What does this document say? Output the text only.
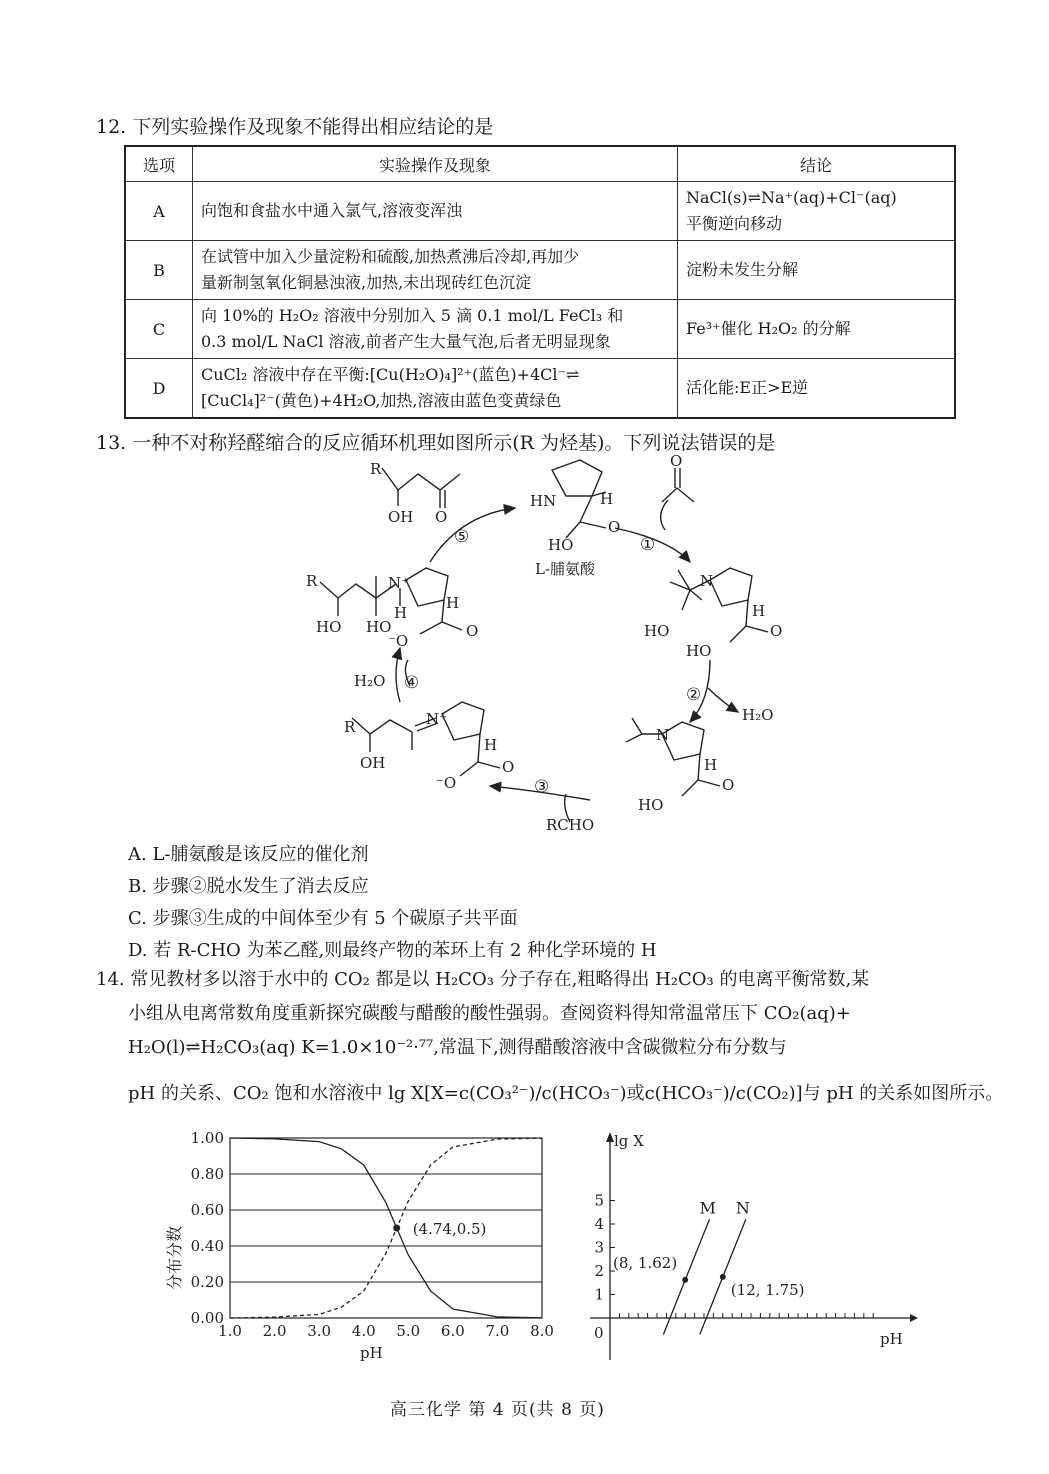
12. 下列实验操作及现象不能得出相应结论的是
选项	实验操作及现象	结论
A	向饱和食盐水中通入氯气,溶液变浑浊	NaCl(s)⇌Na⁺(aq)+Cl⁻(aq)
平衡逆向移动

B	在试管中加入少量淀粉和硫酸,加热煮沸后冷却,再加少
量新制氢氧化铜悬浊液,加热,未出现砖红色沉淀	淀粉未发生分解

C	向 10%的 H₂O₂ 溶液中分别加入 5 滴 0.1 mol/L FeCl₃ 和
0.3 mol/L NaCl 溶液,前者产生大量气泡,后者无明显现象	Fe³⁺催化 H₂O₂ 的分解

D	CuCl₂ 溶液中存在平衡:[Cu(H₂O)₄]²⁺(蓝色)+4Cl⁻⇌
[CuCl₄]²⁻(黄色)+4H₂O,加热,溶液由蓝色变黄绿色	活化能:E正>E逆
13. 一种不对称羟醛缩合的反应循环机理如图所示(R 为烃基)。下列说法错误的是
R
OH O
HN	H
O
HO
L-脯氨酸
O
①
⑤
N
H
O
HO
HO
②
H₂O
N
H
O
HO
③
RCHO
R
OH
N⁺
H
O
⁻O
H₂O ④
R
HO HO
N⁺
H
H
O
⁻O
A. L-脯氨酸是该反应的催化剂
B. 步骤②脱水发生了消去反应
C. 步骤③生成的中间体至少有 5 个碳原子共平面
D. 若 R-CHO 为苯乙醛,则最终产物的苯环上有 2 种化学环境的 H
14. 常见教材多以溶于水中的 CO₂ 都是以 H₂CO₃ 分子存在,粗略得出 H₂CO₃ 的电离平衡常数,某
小组从电离常数角度重新探究碳酸与醋酸的酸性强弱。查阅资料得知常温常压下 CO₂(aq)+
H₂O(l)⇌H₂CO₃(aq) K=1.0×10⁻²·⁷⁷,常温下,测得醋酸溶液中含碳微粒分布分数与
pH 的关系、CO₂ 饱和水溶液中 lg X[X=c(CO₃²⁻)/c(HCO₃⁻)或c(HCO₃⁻)/c(CO₂)]与 pH 的关系如图所示。
分布分数
pH
0.00
0.20
0.40
0.60
0.80
1.00
1.0 2.0 3.0 4.0 5.0 6.0 7.0 8.0
(4.74,0.5)
lg X
pH
0
1
2
3
4
5	M N
(8, 1.62)
(12, 1.75)
高三化学 第 4 页(共 8 页)
